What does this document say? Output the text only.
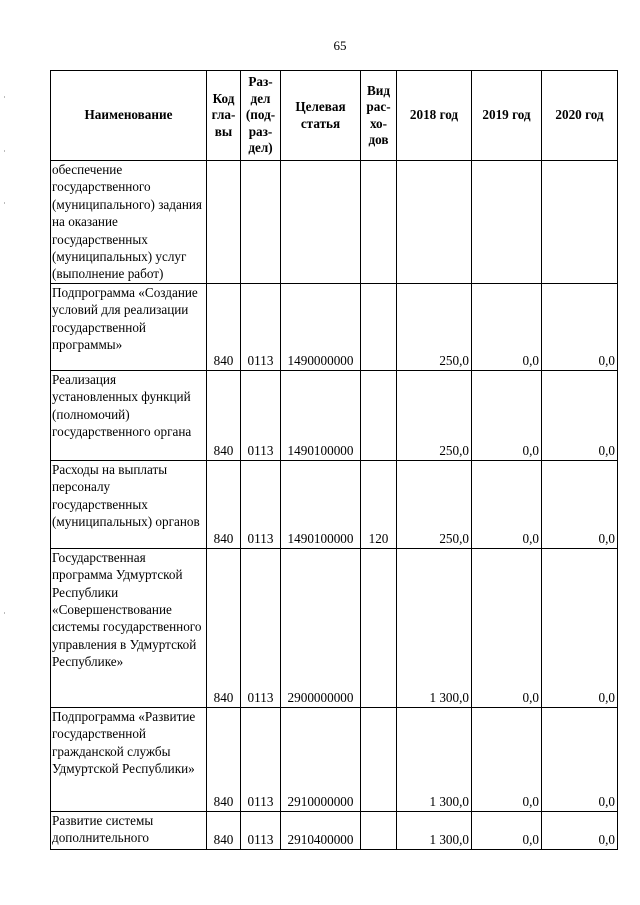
65
Наименование	Код гла- вы	Раз- дел (под- раз- дел)	Целевая статья	Вид рас- хо- дов	2018 год	2019 год	2020 год
обеспечение государственного (муниципального) задания на оказание государственных (муниципальных) услуг (выполнение работ)							
Подпрограмма «Создание условий для реализации государственной программы»	840	0113	1490000000		250,0	0,0	0,0
Реализация установленных функций (полномочий) государственного органа	840	0113	1490100000		250,0	0,0	0,0
Расходы на выплаты персоналу государственных (муниципальных) органов	840	0113	1490100000	120	250,0	0,0	0,0
Государственная программа Удмуртской Республики «Совершенствование системы государственного управления в Удмуртской Республике»	840	0113	2900000000		1 300,0	0,0	0,0
Подпрограмма «Развитие государственной гражданской службы Удмуртской Республики»	840	0113	2910000000		1 300,0	0,0	0,0
Развитие системы дополнительного	840	0113	2910400000		1 300,0	0,0	0,0
